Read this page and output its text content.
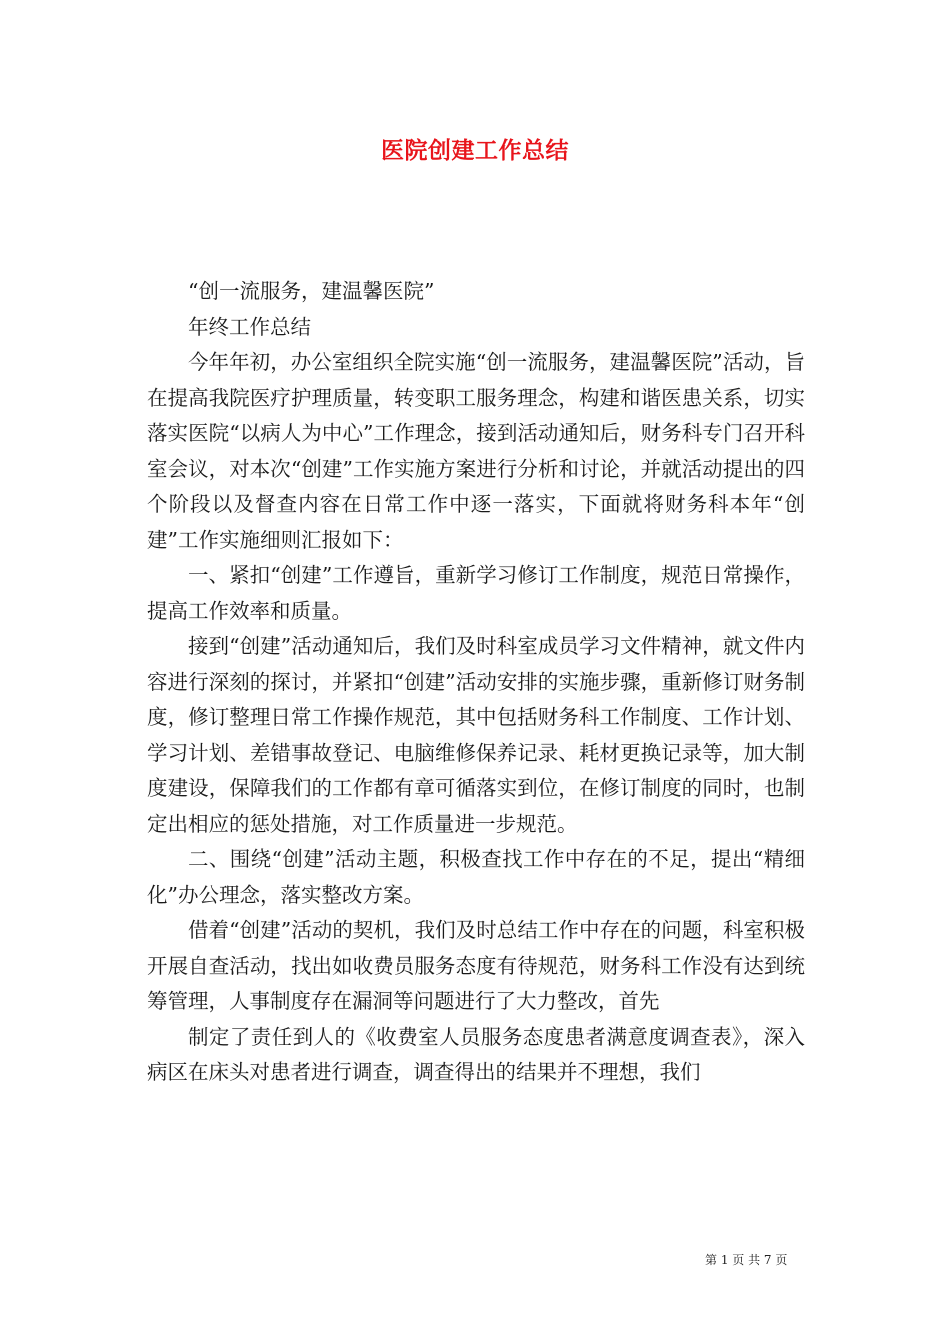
医院创建工作总结

“创一流服务，建温馨医院”

年终工作总结

今年年初，办公室组织全院实施“创一流服务，建温馨医院”活动，旨在提高我院医疗护理质量，转变职工服务理念，构建和谐医患关系，切实落实医院“以病人为中心”工作理念，接到活动通知后，财务科专门召开科室会议，对本次“创建”工作实施方案进行分析和讨论，并就活动提出的四个阶段以及督查内容在日常工作中逐一落实，下面就将财务科本年“创建”工作实施细则汇报如下：

一、紧扣“创建”工作遵旨，重新学习修订工作制度，规范日常操作，提高工作效率和质量。

接到“创建”活动通知后，我们及时科室成员学习文件精神，就文件内容进行深刻的探讨，并紧扣“创建”活动安排的实施步骤，重新修订财务制度，修订整理日常工作操作规范，其中包括财务科工作制度、工作计划、学习计划、差错事故登记、电脑维修保养记录、耗材更换记录等，加大制度建设，保障我们的工作都有章可循落实到位，在修订制度的同时，也制定出相应的惩处措施，对工作质量进一步规范。

二、围绕“创建”活动主题，积极查找工作中存在的不足，提出“精细化”办公理念，落实整改方案。

借着“创建”活动的契机，我们及时总结工作中存在的问题，科室积极开展自查活动，找出如收费员服务态度有待规范，财务科工作没有达到统筹管理，人事制度存在漏洞等问题进行了大力整改，首先

制定了责任到人的《收费室人员服务态度患者满意度调查表》，深入病区在床头对患者进行调查，调查得出的结果并不理想，我们

第 1 页 共 7 页
